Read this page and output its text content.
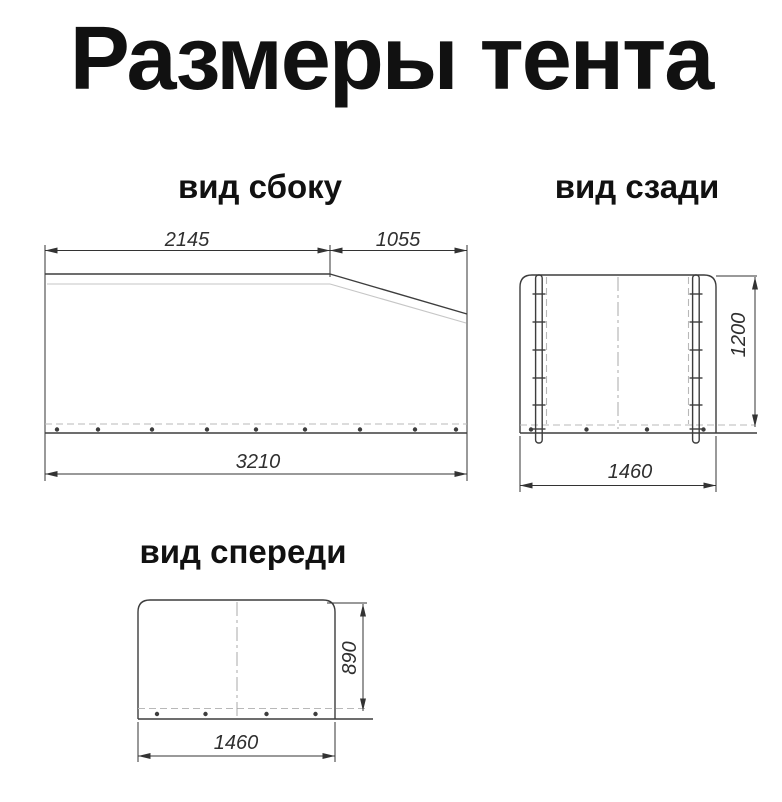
Размеры тента
вид сбоку	вид сзади
вид спереди
2145	1055
3210
1200
1460
890
1460
